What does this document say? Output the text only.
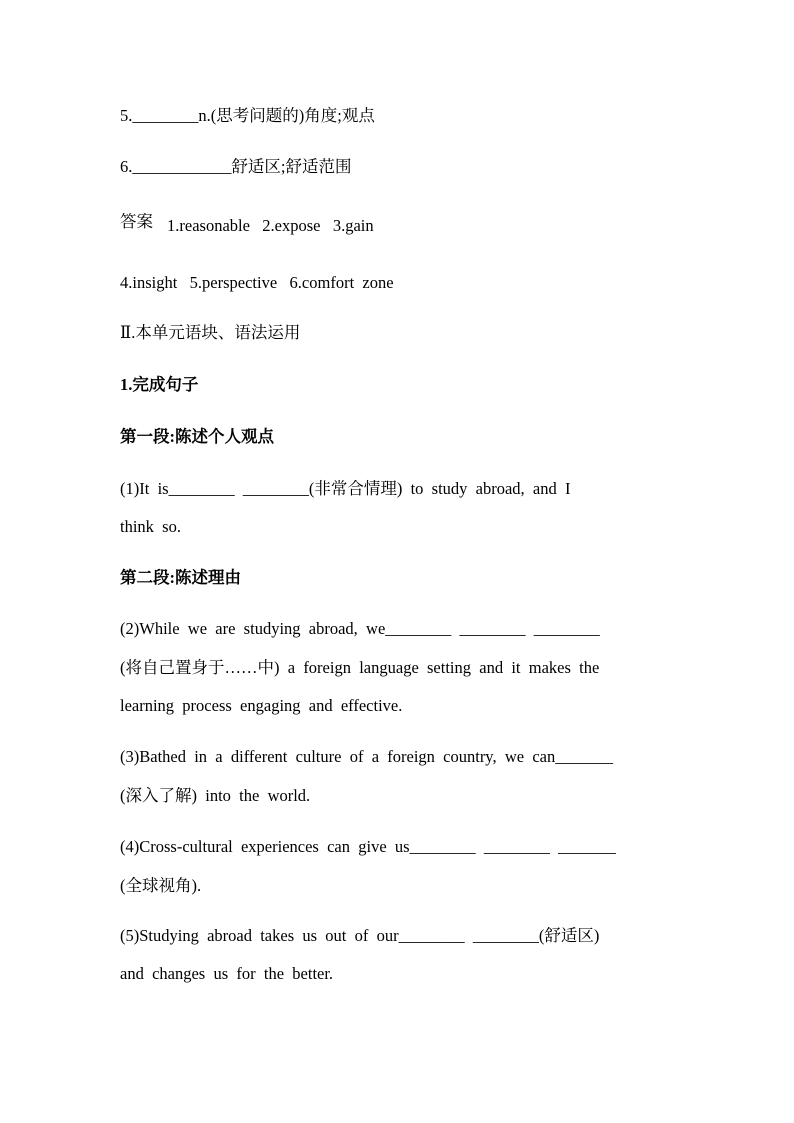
5.________n.(思考问题的)角度;观点
6.____________舒适区;舒适范围
答案 1.reasonable   2.expose   3.gain
4.insight   5.perspective   6.comfort  zone
Ⅱ.本单元语块、语法运用
1.完成句子
第一段:陈述个人观点
(1)It  is________  ________(非常合情理)  to  study  abroad,  and  I
think  so.
第二段:陈述理由
(2)While  we  are  studying  abroad,  we________  ________  ________
(将自己置身于……中)  a  foreign  language  setting  and  it  makes  the
learning  process  engaging  and  effective.
(3)Bathed  in  a  different  culture  of  a  foreign  country,  we  can_______
(深入了解)  into  the  world.
(4)Cross-cultural  experiences  can  give  us________  ________  _______
(全球视角).
(5)Studying  abroad  takes  us  out  of  our________  ________(舒适区)
and  changes  us  for  the  better.
